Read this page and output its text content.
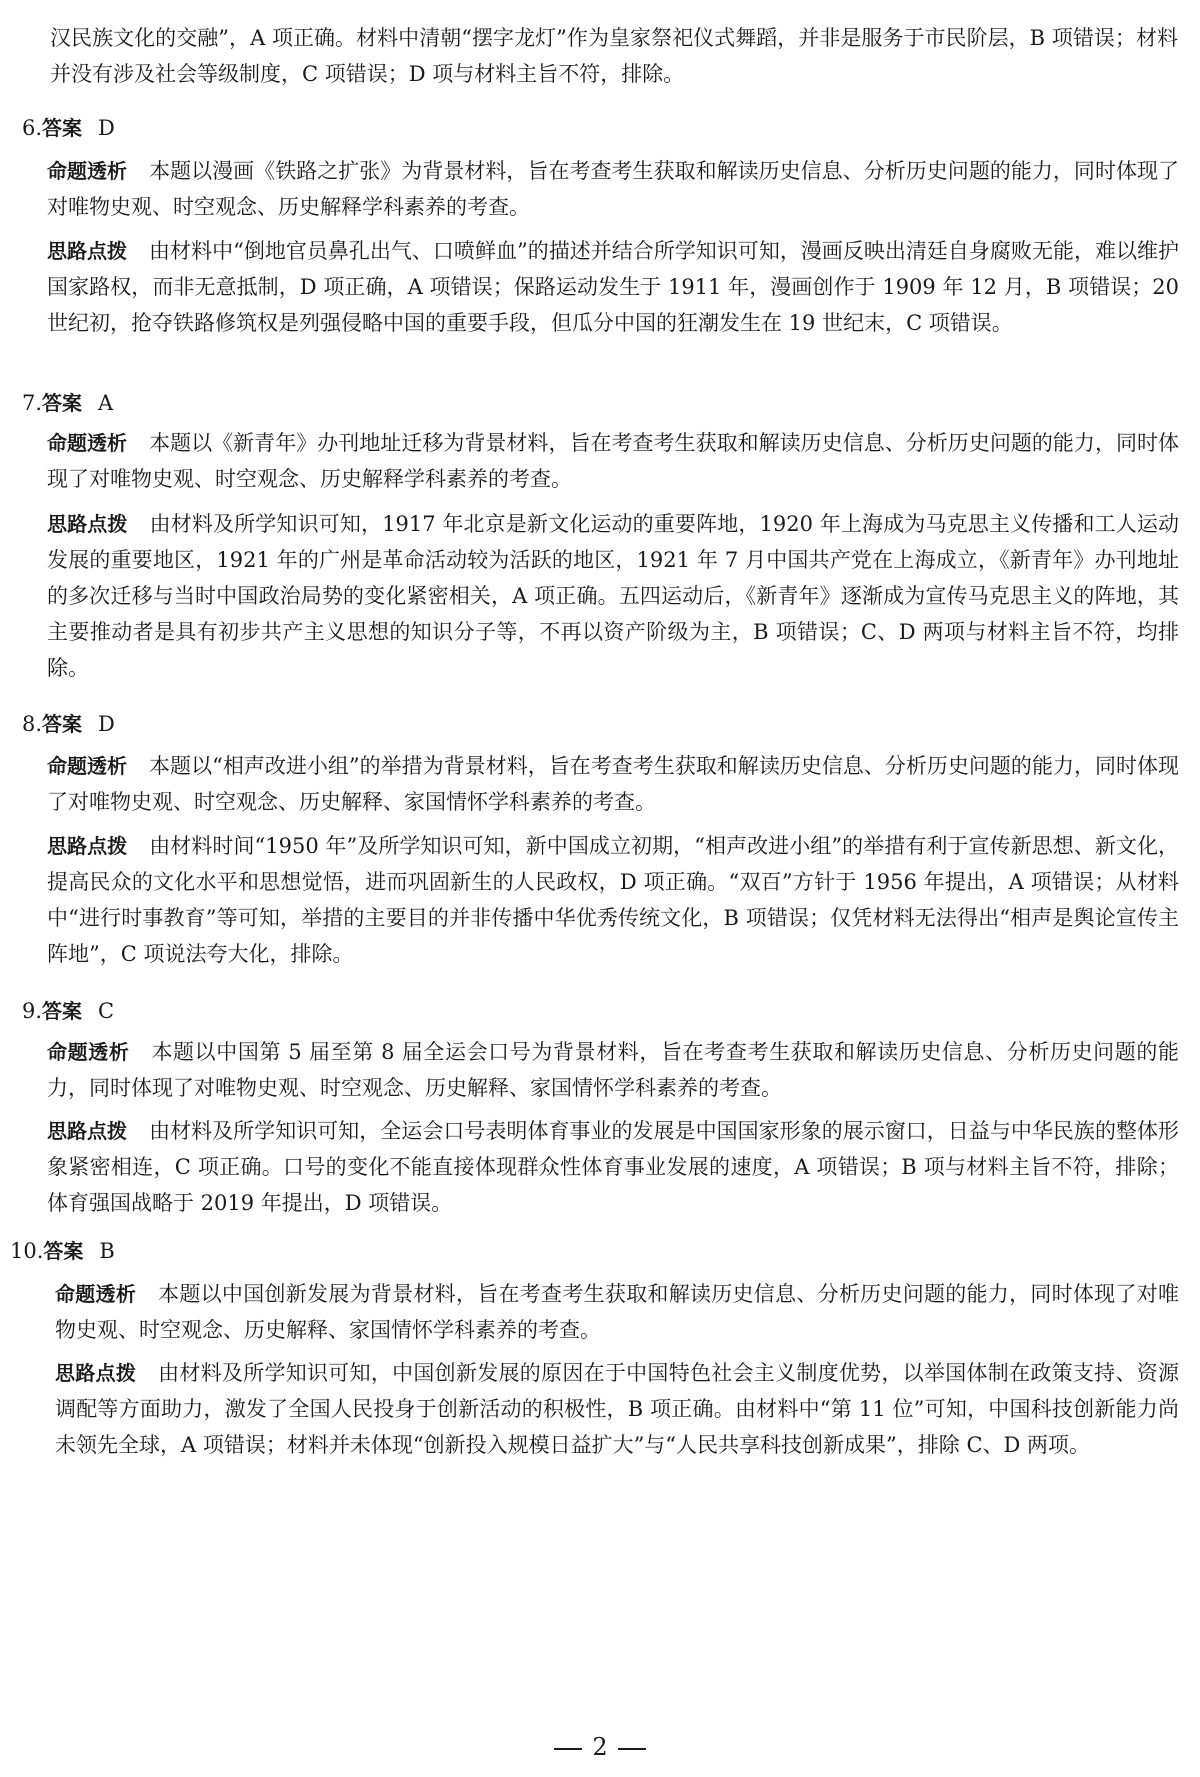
汉民族文化的交融”，A 项正确。材料中清朝“摆字龙灯”作为皇家祭祀仪式舞蹈，并非是服务于市民阶层，B 项错误；材料并没有涉及社会等级制度，C 项错误；D 项与材料主旨不符，排除。

6.答案 D

命题透析 本题以漫画《铁路之扩张》为背景材料，旨在考查考生获取和解读历史信息、分析历史问题的能力，同时体现了对唯物史观、时空观念、历史解释学科素养的考查。

思路点拨 由材料中“倒地官员鼻孔出气、口喷鲜血”的描述并结合所学知识可知，漫画反映出清廷自身腐败无能，难以维护国家路权，而非无意抵制，D 项正确，A 项错误；保路运动发生于 1911 年，漫画创作于 1909 年 12 月，B 项错误；20 世纪初，抢夺铁路修筑权是列强侵略中国的重要手段，但瓜分中国的狂潮发生在 19 世纪末，C 项错误。

7.答案 A

命题透析 本题以《新青年》办刊地址迁移为背景材料，旨在考查考生获取和解读历史信息、分析历史问题的能力，同时体现了对唯物史观、时空观念、历史解释学科素养的考查。

思路点拨 由材料及所学知识可知，1917 年北京是新文化运动的重要阵地，1920 年上海成为马克思主义传播和工人运动发展的重要地区，1921 年的广州是革命活动较为活跃的地区，1921 年 7 月中国共产党在上海成立，《新青年》办刊地址的多次迁移与当时中国政治局势的变化紧密相关，A 项正确。五四运动后，《新青年》逐渐成为宣传马克思主义的阵地，其主要推动者是具有初步共产主义思想的知识分子等，不再以资产阶级为主，B 项错误；C、D 两项与材料主旨不符，均排除。

8.答案 D

命题透析 本题以“相声改进小组”的举措为背景材料，旨在考查考生获取和解读历史信息、分析历史问题的能力，同时体现了对唯物史观、时空观念、历史解释、家国情怀学科素养的考查。

思路点拨 由材料时间“1950 年”及所学知识可知，新中国成立初期，“相声改进小组”的举措有利于宣传新思想、新文化，提高民众的文化水平和思想觉悟，进而巩固新生的人民政权，D 项正确。“双百”方针于 1956 年提出，A 项错误；从材料中“进行时事教育”等可知，举措的主要目的并非传播中华优秀传统文化，B 项错误；仅凭材料无法得出“相声是舆论宣传主阵地”，C 项说法夸大化，排除。

9.答案 C

命题透析 本题以中国第 5 届至第 8 届全运会口号为背景材料，旨在考查考生获取和解读历史信息、分析历史问题的能力，同时体现了对唯物史观、时空观念、历史解释、家国情怀学科素养的考查。

思路点拨 由材料及所学知识可知，全运会口号表明体育事业的发展是中国国家形象的展示窗口，日益与中华民族的整体形象紧密相连，C 项正确。口号的变化不能直接体现群众性体育事业发展的速度，A 项错误；B 项与材料主旨不符，排除；体育强国战略于 2019 年提出，D 项错误。

10.答案 B

命题透析 本题以中国创新发展为背景材料，旨在考查考生获取和解读历史信息、分析历史问题的能力，同时体现了对唯物史观、时空观念、历史解释、家国情怀学科素养的考查。

思路点拨 由材料及所学知识可知，中国创新发展的原因在于中国特色社会主义制度优势，以举国体制在政策支持、资源调配等方面助力，激发了全国人民投身于创新活动的积极性，B 项正确。由材料中“第 11 位”可知，中国科技创新能力尚未领先全球，A 项错误；材料并未体现“创新投入规模日益扩大”与“人民共享科技创新成果”，排除 C、D 两项。

2
